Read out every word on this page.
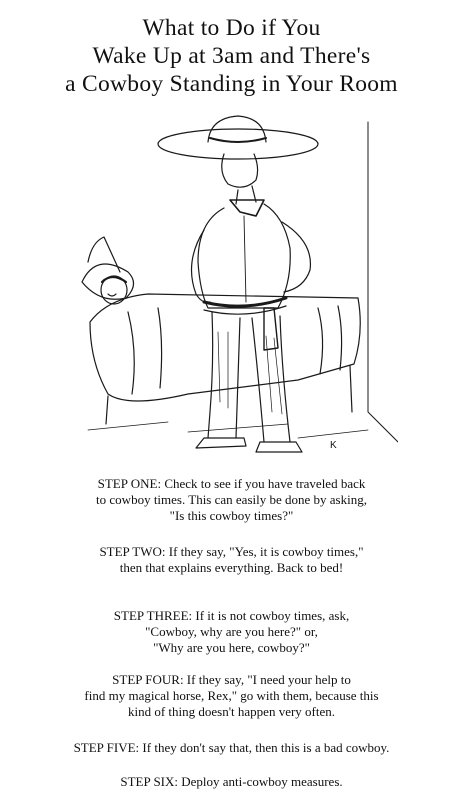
What to Do if You
Wake Up at 3am and There's
a Cowboy Standing in Your Room
K
STEP ONE: Check to see if you have traveled back
to cowboy times. This can easily be done by asking,
"Is this cowboy times?"
STEP TWO: If they say, "Yes, it is cowboy times,"
then that explains everything. Back to bed!
STEP THREE: If it is not cowboy times, ask,
"Cowboy, why are you here?" or,
"Why are you here, cowboy?"
STEP FOUR: If they say, "I need your help to
find my magical horse, Rex," go with them, because this
kind of thing doesn't happen very often.
STEP FIVE: If they don't say that, then this is a bad cowboy.
STEP SIX: Deploy anti-cowboy measures.
